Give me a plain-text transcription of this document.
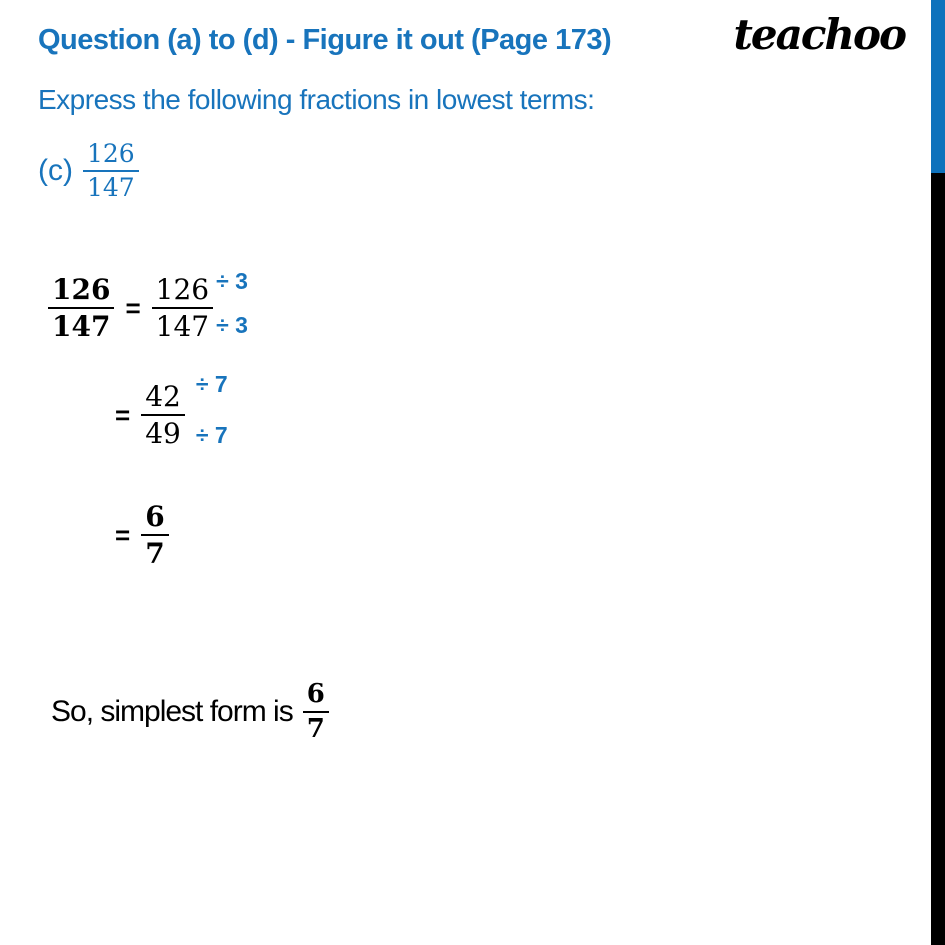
Question (a) to (d) - Figure it out (Page 173)	teachoo
Express the following fractions in lowest terms:
$(c) \frac{126}{147}$
$\frac{126}{147} = \frac{126}{147} \div 3$
÷ 3
= $\frac{42}{49} \div 7$
÷ 7
= $\frac{6}{7}$
So, simplest form is $\frac{6}{7}$
